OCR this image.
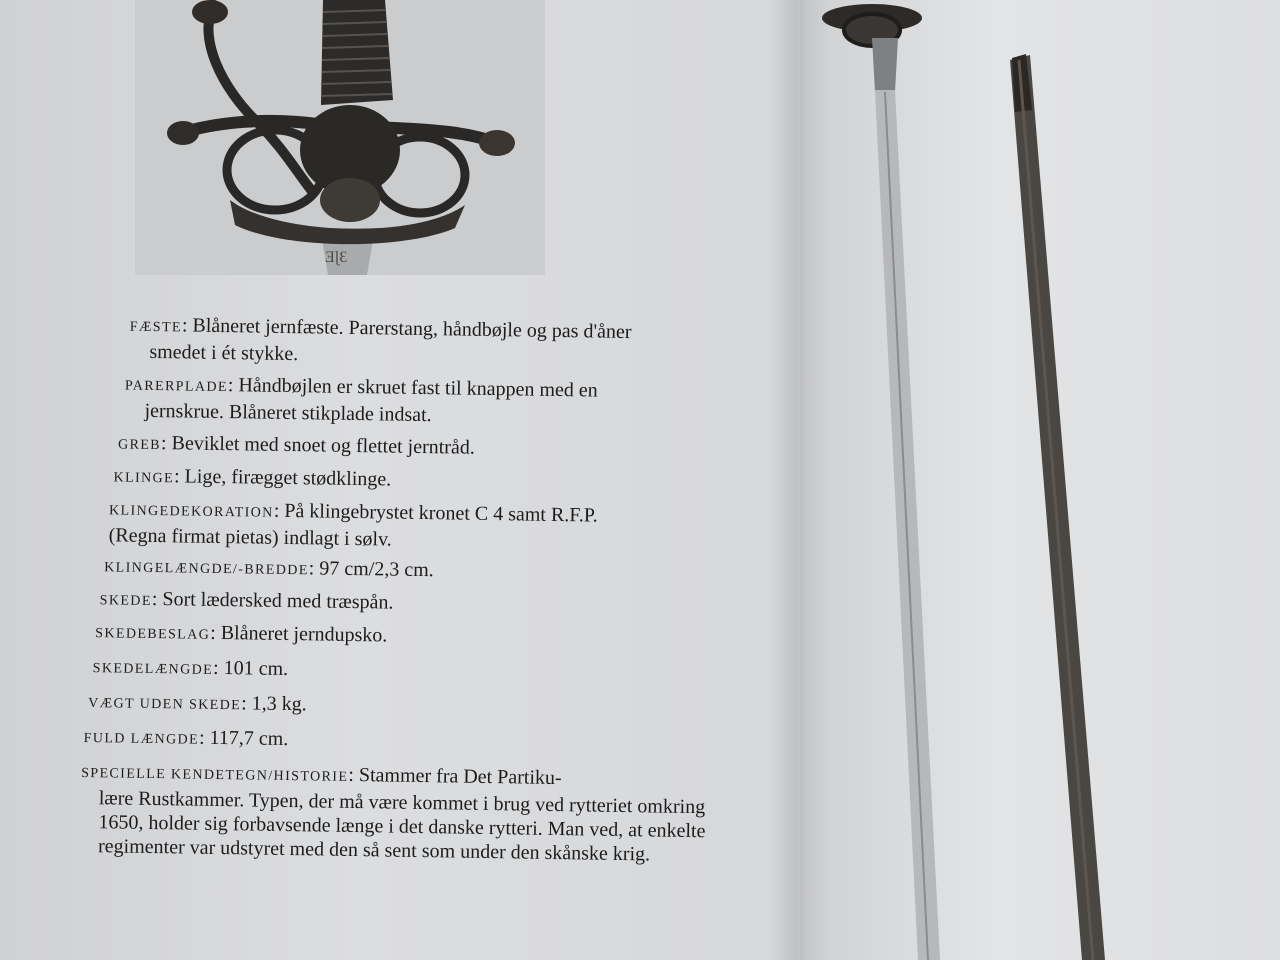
ƎɭԐ

FÆSTE: Blåneret jernfæste. Parerstang, håndbøjle og pas d'åner
smedet i ét stykke.

PARERPLADE: Håndbøjlen er skruet fast til knappen med en
jernskrue. Blåneret stikplade indsat.

GREB: Beviklet med snoet og flettet jerntråd.

KLINGE: Lige, firægget stødklinge.

KLINGEDEKORATION: På klingebrystet kronet C 4 samt R.F.P.
(Regna firmat pietas) indlagt i sølv.

KLINGELÆNGDE/-BREDDE: 97 cm/2,3 cm.

SKEDE: Sort lædersked med træspån.

SKEDEBESLAG: Blåneret jerndupsko.

SKEDELÆNGDE: 101 cm.

VÆGT UDEN SKEDE: 1,3 kg.

FULD LÆNGDE: 117,7 cm.

SPECIELLE KENDETEGN/HISTORIE: Stammer fra Det Partiku-
lære Rustkammer. Typen, der må være kommet i brug ved rytteriet omkring 1650, holder sig forbavsende længe i det danske rytteri. Man ved, at enkelte regimenter var udstyret med den så sent som under den skånske krig.
